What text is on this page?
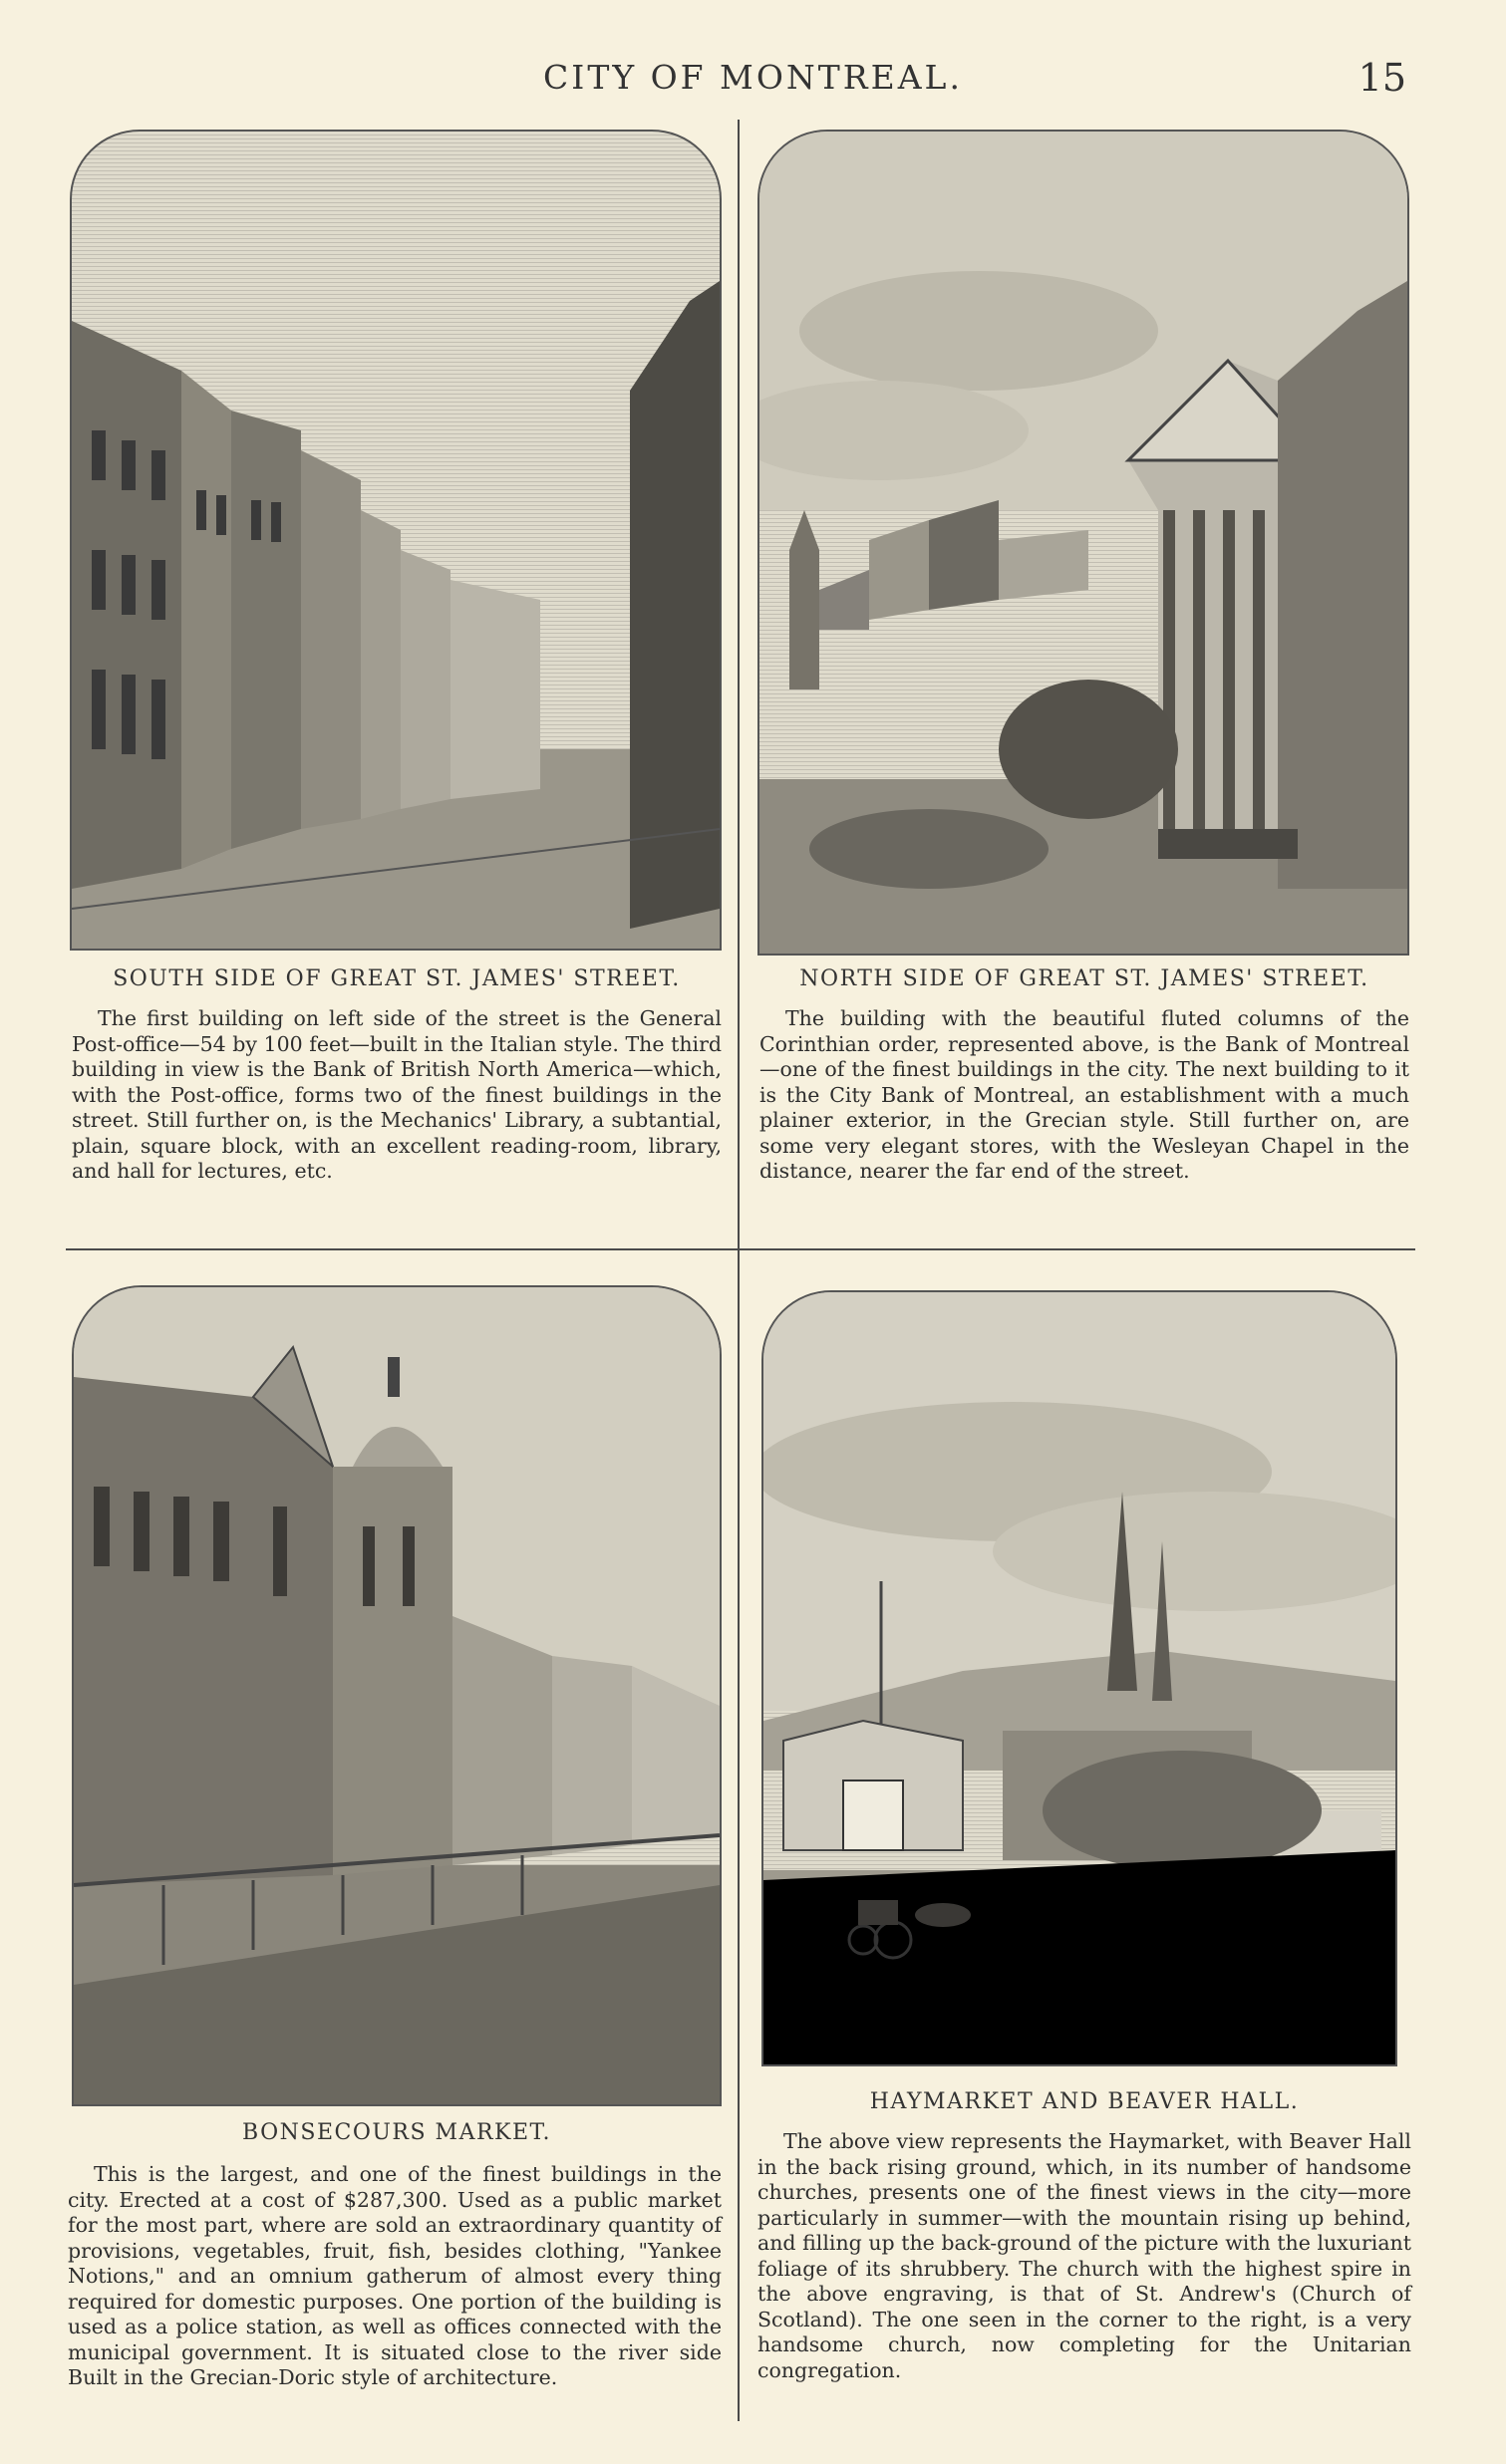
CITY OF MONTREAL.	15
SOUTH SIDE OF GREAT ST. JAMES' STREET.
The first building on left side of the street is the General Post-office—54 by 100 feet—built in the Italian style. The third building in view is the Bank of British North America—which, with the Post-office, forms two of the finest buildings in the street. Still further on, is the Mechanics' Library, a subtantial, plain, square block, with an excellent reading-room, library, and hall for lectures, etc.
NORTH SIDE OF GREAT ST. JAMES' STREET.
The building with the beautiful fluted columns of the Corinthian order, represented above, is the Bank of Montreal—one of the finest buildings in the city. The next building to it is the City Bank of Montreal, an establishment with a much plainer exterior, in the Grecian style. Still further on, are some very elegant stores, with the Wesleyan Chapel in the distance, nearer the far end of the street.
BONSECOURS MARKET.
This is the largest, and one of the finest buildings in the city. Erected at a cost of $287,300. Used as a public market for the most part, where are sold an extraordinary quantity of provisions, vegetables, fruit, fish, besides clothing, "Yankee Notions," and an omnium gatherum of almost every thing required for domestic purposes. One portion of the building is used as a police station, as well as offices connected with the municipal government. It is situated close to the river side Built in the Grecian-Doric style of architecture.
HAYMARKET AND BEAVER HALL.
The above view represents the Haymarket, with Beaver Hall in the back rising ground, which, in its number of handsome churches, presents one of the finest views in the city—more particularly in summer—with the mountain rising up behind, and filling up the back-ground of the picture with the luxuriant foliage of its shrubbery. The church with the highest spire in the above engraving, is that of St. Andrew's (Church of Scotland). The one seen in the corner to the right, is a very handsome church, now completing for the Unitarian congregation.
